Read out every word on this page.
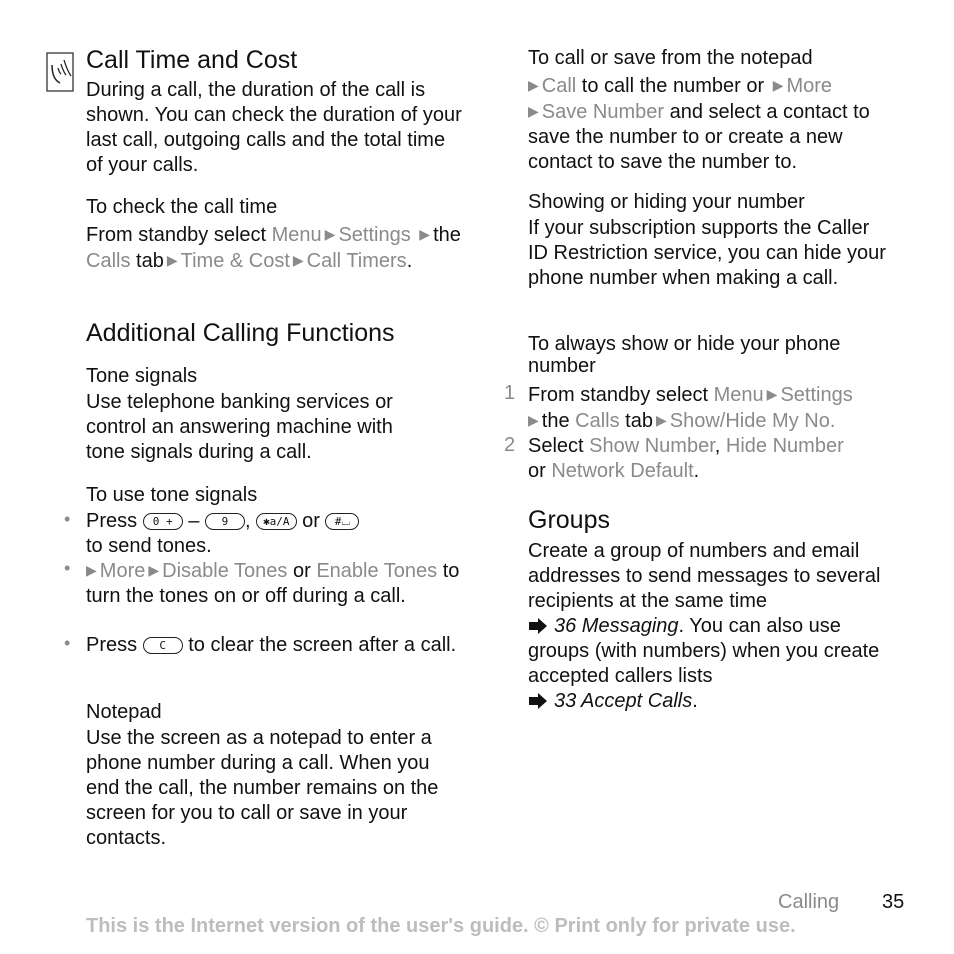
Call Time and Cost

During a call, the duration of the call is shown. You can check the duration of your last call, outgoing calls and the total time of your calls.

To check the call time

From standby select Menu ▶ Settings ▶ the Calls tab ▶ Time & Cost ▶ Call Timers.

Additional Calling Functions
Tone signals

Use telephone banking services or control an answering machine with tone signals during a call.

To use tone signals
• Press 0 + – 9 , ✱a/A or #⌴
to send tones.

• ▶ More ▶ Disable Tones or Enable Tones to turn the tones on or off during a call.

• Press C to clear the screen after a call.

Notepad

Use the screen as a notepad to enter a phone number during a call. When you end the call, the number remains on the screen for you to call or save in your contacts.

To call or save from the notepad

▶ Call to call the number or ▶ More
▶ Save Number and select a contact to save the number to or create a new contact to save the number to.

Showing or hiding your number

If your subscription supports the Caller ID Restriction service, you can hide your phone number when making a call.

To always show or hide your phone number
1 From standby select Menu ▶ Settings
▶ the Calls tab ▶ Show/Hide My No.

2 Select Show Number, Hide Number
or Network Default.

Groups

Create a group of numbers and email addresses to send messages to several recipients at the same time
36 Messaging. You can also use groups (with numbers) when you create accepted callers lists
33 Accept Calls.

Calling 35
This is the Internet version of the user's guide. © Print only for private use.
